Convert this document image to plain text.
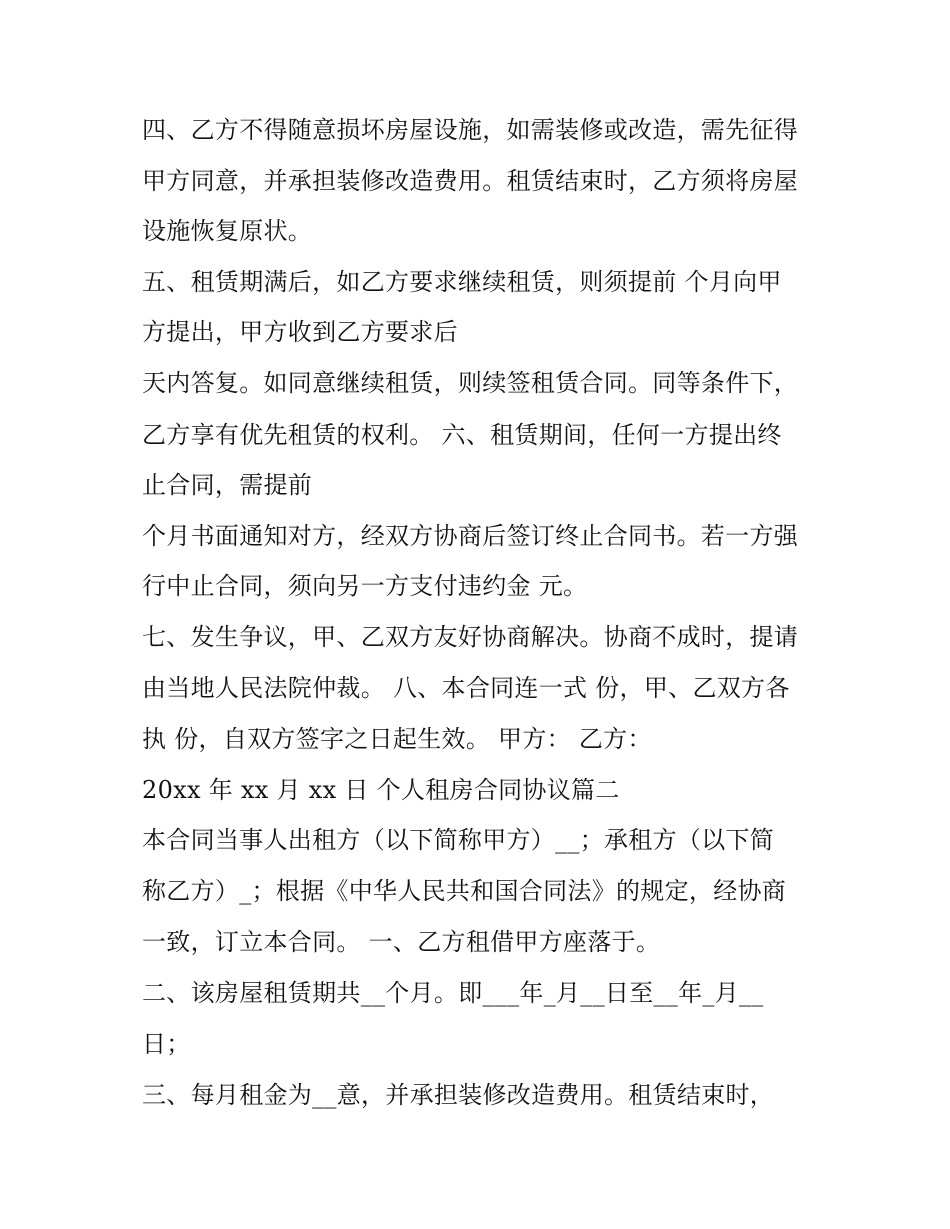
四、乙方不得随意损坏房屋设施，如需装修或改造，需先征得
甲方同意，并承担装修改造费用。租赁结束时，乙方须将房屋
设施恢复原状。
五、租赁期满后，如乙方要求继续租赁，则须提前 个月向甲
方提出，甲方收到乙方要求后
天内答复。如同意继续租赁，则续签租赁合同。同等条件下，
乙方享有优先租赁的权利。 六、租赁期间，任何一方提出终
止合同，需提前
个月书面通知对方，经双方协商后签订终止合同书。若一方强
行中止合同，须向另一方支付违约金 元。
七、发生争议，甲、乙双方友好协商解决。协商不成时，提请
由当地人民法院仲裁。 八、本合同连一式 份，甲、乙双方各
执 份，自双方签字之日起生效。 甲方： 乙方：
20xx 年 xx 月 xx 日 个人租房合同协议篇二
本合同当事人出租方（以下简称甲方）__；承租方（以下简
称乙方）_；根据《中华人民共和国合同法》的规定，经协商
一致，订立本合同。 一、乙方租借甲方座落于。
二、该房屋租赁期共__个月。即___年_月__日至__年_月__
日；
三、每月租金为__意，并承担装修改造费用。租赁结束时，
